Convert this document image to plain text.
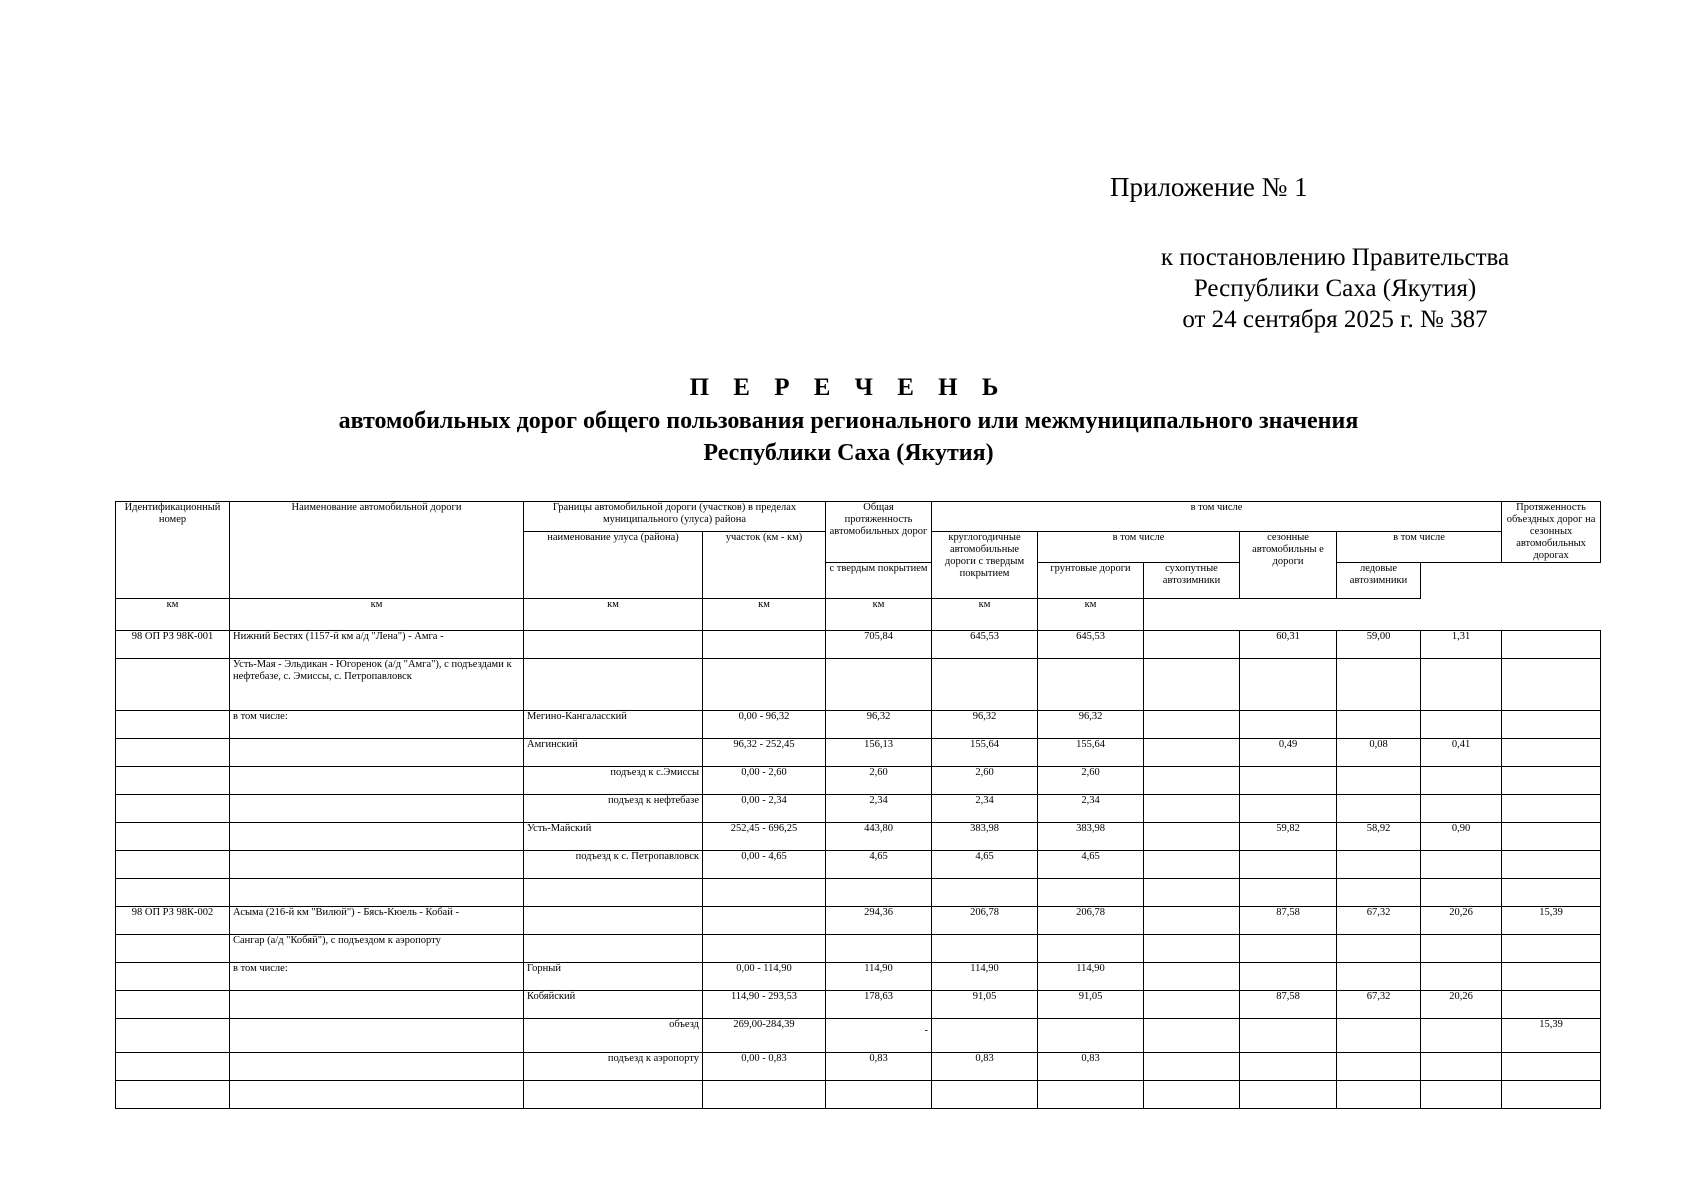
Приложение № 1
к постановлению Правительства
Республики Саха (Якутия)
от 24 сентября 2025 г. № 387
П Е Р Е Ч Е Н Ь
автомобильных дорог общего пользования регионального или межмуниципального значения
Республики Саха (Якутия)
Идентификационный номер	Наименование автомобильной дороги	Границы автомобильной дороги (участков) в пределах муниципального (улуса) района		Общая протяженность автомобильных дорог	в том числе						Протяженность объездных дорог на сезонных автомобильных дорогах
		наименование улуса (района)	участок (км - км)		круглогодичные автомобильные дороги с твердым покрытием	в том числе		сезонные автомобильны е дороги	в том числе		
				с твердым покрытием		грунтовые дороги	сухопутные автозимники		ледовые автозимники		
км	км	км	км	км	км	км					
98 ОП РЗ 98К-001	Нижний Бестях (1157-й км а/д "Лена") - Амга -			705,84	645,53	645,53		60,31	59,00	1,31	
	Усть-Мая - Эльдикан - Югоренок (а/д "Амга"), с подъездами к нефтебазе, с. Эмиссы, с. Петропавловск										
	в том числе:	Мегино-Кангаласский	0,00 - 96,32	96,32	96,32	96,32					
		Амгинский	96,32 - 252,45	156,13	155,64	155,64		0,49	0,08	0,41	
		подъезд к с.Эмиссы	0,00 - 2,60	2,60	2,60	2,60					
		подъезд к нефтебазе	0,00 - 2,34	2,34	2,34	2,34					
		Усть-Майский	252,45 - 696,25	443,80	383,98	383,98		59,82	58,92	0,90	
		подъезд к с. Петропавловск	0,00 - 4,65	4,65	4,65	4,65					

98 ОП РЗ 98К-002	Асыма (216-й км "Вилюй") - Бясь-Кюель - Кобай -			294,36	206,78	206,78		87,58	67,32	20,26	15,39
	Сангар (а/д "Кобяй"), с подъездом к аэропорту										
	в том числе:	Горный	0,00 - 114,90	114,90	114,90	114,90					
		Кобяйский	114,90 - 293,53	178,63	91,05	91,05		87,58	67,32	20,26	
		объезд	269,00-284,39	-							15,39
		подъезд к аэропорту	0,00 - 0,83	0,83	0,83	0,83					
